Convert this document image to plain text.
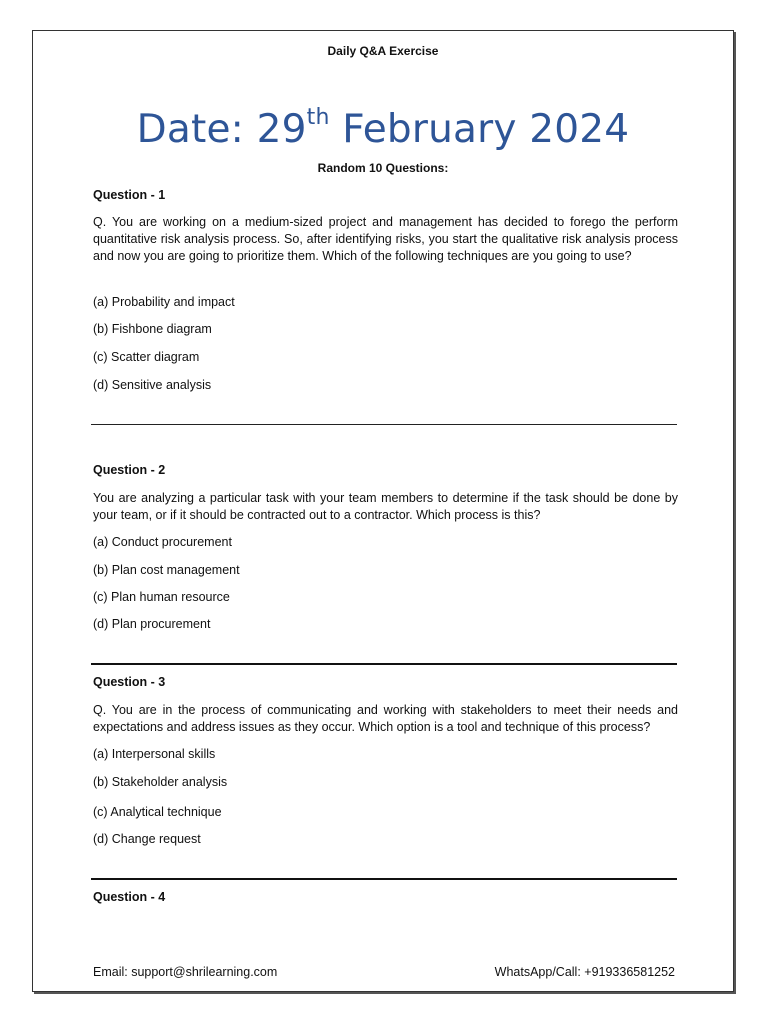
Daily Q&A Exercise
Date: 29th February 2024
Random 10 Questions:
Question - 1
Q. You are working on a medium-sized project and management has decided to forego the perform quantitative risk analysis process. So, after identifying risks, you start the qualitative risk analysis process and now you are going to prioritize them. Which of the following techniques are you going to use?
(a) Probability and impact
(b) Fishbone diagram
(c) Scatter diagram
(d) Sensitive analysis
Question - 2
You are analyzing a particular task with your team members to determine if the task should be done by your team, or if it should be contracted out to a contractor. Which process is this?
(a) Conduct procurement
(b) Plan cost management
(c) Plan human resource
(d) Plan procurement
Question - 3
Q. You are in the process of communicating and working with stakeholders to meet their needs and expectations and address issues as they occur. Which option is a tool and technique of this process?
(a) Interpersonal skills
(b) Stakeholder analysis
(c) Analytical technique
(d) Change request
Question - 4
Email: support@shrilearning.com	WhatsApp/Call: +919336581252
